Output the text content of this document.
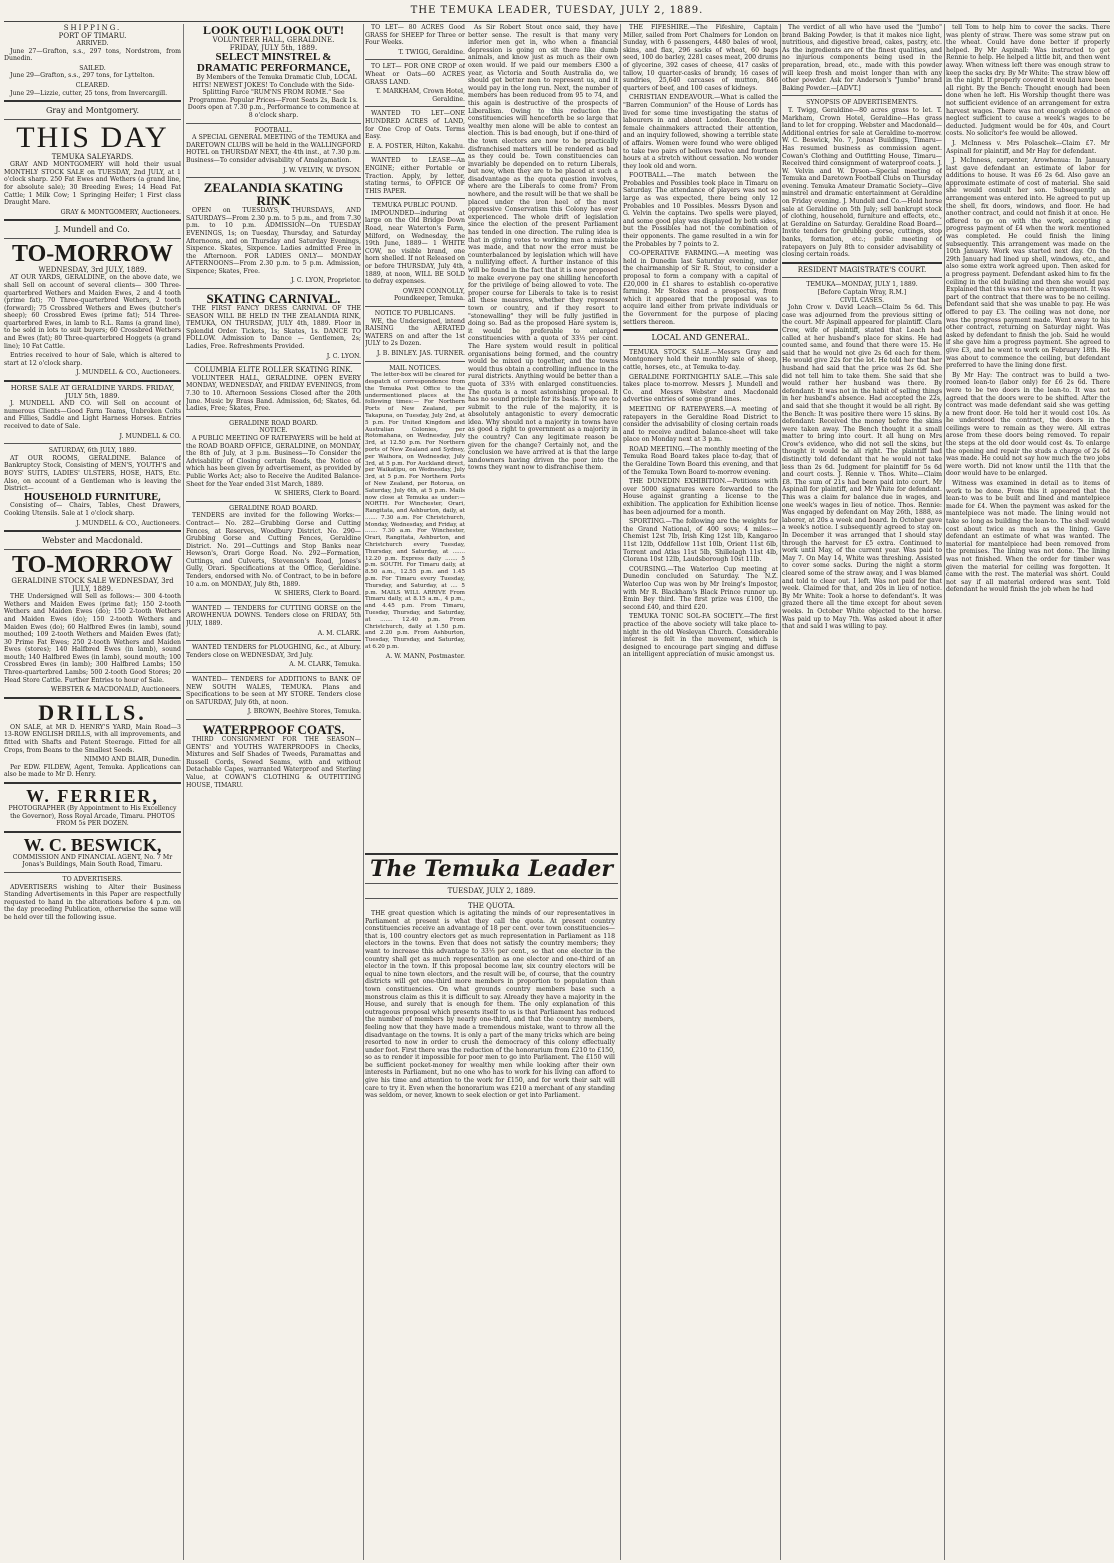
THE TEMUKA LEADER, TUESDAY, JULY 2, 1889.
SHIPPING.
PORT OF TIMARU.
ARRIVED.
June 27—Grafton, s.s., 297 tons, Nordstrom, from Dunedin.
SAILED.
June 29—Grafton, s.s., 297 tons, for Lyttelton.
CLEARED.
June 29—Lizzie, cutter, 25 tons, from Invercargill.
Gray and Montgomery.
THIS DAY
TEMUKA SALEYARDS.
GRAY AND MONTGOMERY will hold their usual MONTHLY STOCK SALE on TUESDAY, 2nd JULY, at 1 o'clock sharp. 250 Fat Ewes and Wethers (a grand line, for absolute sale); 30 Breeding Ewes; 14 Head Fat Cattle; 1 Milk Cow; 1 Springing Heifer; 1 First class Draught Mare.
GRAY & MONTGOMERY, Auctioneers.
J. Mundell and Co.
TO-MORROW
WEDNESDAY, 3rd JULY, 1889.
AT OUR YARDS, GERALDINE, on the above date, we shall Sell on account of several clients— 300 Three-quarterbred Wethers and Maiden Ewes, 2 and 4 tooth (prime fat); 70 Three-quarterbred Wethers, 2 tooth (forward); 75 Crossbred Wethers and Ewes (butcher's sheep); 60 Crossbred Ewes (prime fat); 514 Three-quarterbred Ewes, in lamb to R.L. Rams (a grand line), to be sold in lots to suit buyers; 60 Crossbred Wethers and Ewes (fat); 80 Three-quarterbred Hoggets (a grand line); 10 Fat Cattle.
Entries received to hour of Sale, which is altered to start at 12 o'clock sharp.
J. MUNDELL & CO., Auctioneers.
HORSE SALE AT GERALDINE YARDS. FRIDAY, JULY 5th, 1889.
J. MUNDELL AND CO. will Sell on account of numerous Clients—Good Farm Teams, Unbroken Colts and Fillies, Saddle and Light Harness Horses. Entries received to date of Sale.
J. MUNDELL & CO.
SATURDAY, 6th JULY, 1889.
AT OUR ROOMS, GERALDINE. Balance of Bankruptcy Stock, Consisting of MEN'S, YOUTH'S and BOYS' SUITS, LADIES' ULSTERS, HOSE, HATS, Etc. Also, on account of a Gentleman who is leaving the District—
HOUSEHOLD FURNITURE,
Consisting of— Chairs, Tables, Chest Drawers, Cooking Utensils. Sale at 1 o'clock sharp.
J. MUNDELL & CO., Auctioneers.
Webster and Macdonald.
TO-MORROW
GERALDINE STOCK SALE WEDNESDAY, 3rd JULY, 1889.
THE Undersigned will Sell as follows:— 300 4-tooth Wethers and Maiden Ewes (prime fat); 150 2-tooth Wethers and Maiden Ewes (do); 150 2-tooth Wethers and Maiden Ewes (do); 150 2-tooth Wethers and Maiden Ewes (do); 60 Halfbred Ewes (in lamb), sound mouthed; 109 2-tooth Wethers and Maiden Ewes (fat); 30 Prime Fat Ewes; 250 2-tooth Wethers and Maiden Ewes (stores); 140 Halfbred Ewes (in lamb), sound mouth; 140 Halfbred Ewes (in lamb), sound mouth; 100 Crossbred Ewes (in lamb); 300 Halfbred Lambs; 150 Three-quarterbred Lambs; 500 2-tooth Good Stores; 20 Head Store Cattle. Further Entries to hour of Sale.
WEBSTER & MACDONALD, Auctioneers.
DRILLS.
ON SALE, at MR D. HENRY'S YARD, Main Road—3 13-ROW ENGLISH DRILLS, with all improvements, and fitted with Shafts and Patent Steerage. Fitted for all Crops, from Beans to the Smallest Seeds.
NIMMO AND BLAIR, Dunedin.
Per EDW. FILDEW, Agent, Temuka. Applications can also be made to Mr D. Henry.
W. FERRIER,
PHOTOGRAPHER (By Appointment to His Excellency the Governor), Ross Royal Arcade, Timaru. PHOTOS FROM 5s PER DOZEN.
W. C. BESWICK,
COMMISSION AND FINANCIAL AGENT, No. 7 Mr Jonas's Buildings, Main South Road, Timaru.
TO ADVERTISERS.
ADVERTISERS wishing to Alter their Business Standing Advertisements in this Paper are respectfully requested to hand in the alterations before 4 p.m. on the day preceding Publication, otherwise the same will be held over till the following issue.
LOOK OUT! LOOK OUT!
VOLUNTEER HALL, GERALDINE.
FRIDAY, JULY 5th, 1889.
SELECT MINSTREL & DRAMATIC PERFORMANCE,
By Members of the Temuka Dramatic Club, LOCAL HITS! NEWEST JOKES! To Conclude with the Side-Splitting Farce "RUM'NS FROM ROME." See Programme. Popular Prices—Front Seats 2s, Back 1s. Doors open at 7.30 p.m., Performance to commence at 8 o'clock sharp.
FOOTBALL.
A SPECIAL GENERAL MEETING of the TEMUKA and DARETOWN CLUBS will be held in the WALLINGFORD HOTEL on THURSDAY NEXT, the 4th inst., at 7.30 p.m. Business—To consider advisability of Amalgamation.
J. W. VELVIN, W. DYSON.
ZEALANDIA SKATING RINK
OPEN on TUESDAYS, THURSDAYS, AND SATURDAYS—From 2.30 p.m. to 5 p.m., and from 7.30 p.m. to 10 p.m. ADMISSION—On TUESDAY EVENINGS, 1s; on Tuesday, Thursday, and Saturday Afternoons, and on Thursday and Saturday Evenings, Sixpence. Skates, Sixpence. Ladies admitted Free in the Afternoon. FOR LADIES ONLY— MONDAY AFTERNOONS—From 2.30 p.m. to 5 p.m. Admission, Sixpence; Skates, Free.
J. C. LYON, Proprietor.
SKATING CARNIVAL.
THE FIRST FANCY DRESS CARNIVAL OF THE SEASON WILL BE HELD IN THE ZEALANDIA RINK, TEMUKA, ON THURSDAY, JULY 4th, 1889. Floor in Splendid Order. Tickets, 1s; Skates, 1s. DANCE TO FOLLOW. Admission to Dance — Gentlemen, 2s; Ladies, Free. Refreshments Provided.
J. C. LYON.
COLUMBIA ELITE ROLLER SKATING RINK.
VOLUNTEER HALL, GERALDINE. OPEN EVERY MONDAY, WEDNESDAY, and FRIDAY EVENINGS, from 7.30 to 10. Afternoon Sessions Closed after the 20th June. Music by Brass Band. Admission, 6d; Skates, 6d. Ladies, Free; Skates, Free.
GERALDINE ROAD BOARD.
NOTICE.
A PUBLIC MEETING OF RATEPAYERS will be held at the ROAD BOARD OFFICE, GERALDINE, on MONDAY, the 8th of July, at 3 p.m. Business—To Consider the Advisability of Closing certain Roads, the Notice of which has been given by advertisement, as provided by Public Works Act; also to Receive the Audited Balance-Sheet for the Year ended 31st March, 1889.
W. SHIERS, Clerk to Board.
GERALDINE ROAD BOARD.
TENDERS are invited for the following Works:— Contract— No. 282—Grubbing Gorse and Cutting Fences, at Reserves, Woodbury District. No. 290—Grubbing Gorse and Cutting Fences, Geraldine District. No. 291—Cuttings and Stop Banks near Hewson's, Orari Gorge Road. No. 292—Formation, Cuttings, and Culverts, Stevenson's Road, Jones's Gully, Orari. Specifications at the Office, Geraldine. Tenders, endorsed with No. of Contract, to be in before 10 a.m. on MONDAY, July 8th, 1889.
W. SHIERS, Clerk to Board.
WANTED — TENDERS for CUTTING GORSE on the AROWHENUA DOWNS. Tenders close on FRIDAY, 5th JULY, 1889.
A. M. CLARK.
WANTED TENDERS for PLOUGHING, &c., at Albury. Tenders close on WEDNESDAY, 3rd July.
A. M. CLARK, Temuka.
WANTED— TENDERS for ADDITIONS to BANK OF NEW SOUTH WALES, TEMUKA. Plans and Specifications to be seen at MY STORE. Tenders close on SATURDAY, July 6th, at noon.
J. BROWN, Beehive Stores, Temuka.
WATERPROOF COATS.
THIRD CONSIGNMENT FOR THE SEASON—GENTS' and YOUTHS WATERPROOFS in Checks, Mixtures and Self Shades of Tweeds, Paramattas and Russell Cords, Sewed Seams, with and without Detachable Capes, warranted Waterproof and Sterling Value, at COWAN'S CLOTHING & OUTFITTING HOUSE, TIMARU.
TO LET— 80 ACRES Good GRASS for SHEEP for Three or Four Weeks.
T. TWIGG, Geraldine.
TO LET— FOR ONE CROP of Wheat or Oats—60 ACRES GRASS LAND.
T. MARKHAM, Crown Hotel, Geraldine.
WANTED TO LET—ONE HUNDRED ACRES of LAND, for One Crop of Oats. Terms Easy.
E. A. FOSTER, Hilton, Kakahu.
WANTED to LEASE—An ENGINE; either Portable or Traction. Apply, by letter, stating terms, to OFFICE OF THIS PAPER.
TEMUKA PUBLIC POUND.
IMPOUNDED—induring at large on the Old Bridge Down Road, near Waterton's Farm, Milford, on Wednesday, the 19th June, 1889— 1 WHITE COW, no visible brand, one horn shelled. If not Released on or before THURSDAY, July 4th, 1889, at noon, WILL BE SOLD to defray expenses.
OWEN CONNOLLY, Poundkeeper, Temuka.
NOTICE TO PUBLICANS.
WE, the Undersigned, intend RAISING the AERATED WATERS on and after the 1st JULY to 2s Dozen.
J. B. BINLEY. JAS. TURNER.
MAIL NOTICES.
The letter-box will be cleared for despatch of correspondence from the Temuka Post Office to the undermentioned places at the following times:— For Northern Ports of New Zealand, per Takapuna, on Tuesday, July 2nd, at 5 p.m. For United Kingdom and Australian Colonies, per Rotomahana, on Wednesday, July 3rd, at 12.50 p.m. For Northern ports of New Zealand and Sydney, per Waihora, on Wednesday, July 3rd, at 5 p.m. For Auckland direct, per Waikatipu, on Wednesday, July 3rd, at 5 p.m. For Northern Ports of New Zealand, per Rotorua, on Saturday, July 6th, at 5 p.m. Mails now close at Temuka as under:— NORTH. For Winchester, Orari, Rangitata, and Ashburton, daily, at ....... 7.30 a.m. For Christchurch, Monday, Wednesday, and Friday, at ....... 7.30 a.m. For Winchester, Orari, Rangitata, Ashburton, and Christchurch every Tuesday, Thursday, and Saturday, at ....... 12.20 p.m. Express daily ....... 5 p.m. SOUTH. For Timaru daily, at 8.50 a.m., 12.55 p.m. and 1.45 p.m. For Timaru every Tuesday, Thursday, and Saturday, at .... 5 p.m. MAILS WILL ARRIVE From Timaru daily, at 8.15 a.m., 4 p.m., and 4.45 p.m. From Timaru, Tuesday, Thursday, and Saturday, at ....... 12.40 p.m. From Christchurch, daily at 1.50 p.m. and 2.20 p.m. From Ashburton, Tuesday, Thursday, and Saturday, at 6.20 p.m.
A. W. MANN, Postmaster.
As Sir Robert Stout once said, they have better sense. The result is that many very inferior men get in, who when a financial depression is going on sit there like dumb animals, and know just as much as their own oxen would. If we paid our members £300 a year, as Victoria and South Australia do, we should get better men to represent us, and it would pay in the long run. Next, the number of members has been reduced from 95 to 74, and this again is destructive of the prospects of Liberalism. Owing to this reduction the constituencies will henceforth be so large that wealthy men alone will be able to contest an election. This is bad enough, but if one-third of the town electors are now to be practically disfranchised matters will be rendered as bad as they could be. Town constituencies can invariably be depended on to return Liberals, but now, when they are to be placed at such a disadvantage as the quota question involves, where are the Liberals to come from? From nowhere, and the result will be that we shall be placed under the iron heel of the most oppressive Conservatism this Colony has ever experienced. The whole drift of legislation since the election of the present Parliament has tended in one direction. The ruling idea is that in giving votes to working men a mistake was made, and that now the error must be counterbalanced by legislation which will have a nullifying effect. A further instance of this will be found in the fact that it is now proposed to make everyone pay one shilling henceforth for the privilege of being allowed to vote. The proper course for Liberals to take is to resist all these measures, whether they represent town or country, and if they resort to "stonewalling" they will be fully justified in doing so. Bad as the proposed Hare system is, it would be preferable to enlarged constituencies with a quota of 33⅓ per cent. The Hare system would result in political organisations being formed, and the country would be mixed up together, and the towns would thus obtain a controlling influence in the rural districts. Anything would be better than a quota of 33⅓ with enlarged constituencies. The quota is a most astonishing proposal. It has no sound principle for its basis. If we are to submit to the rule of the majority, it is absolutely antagonistic to every democratic idea. Why should not a majority in towns have as good a right to government as a majority in the country? Can any legitimate reason be given for the change? Certainly not, and the conclusion we have arrived at is that the large landowners having driven the poor into the towns they want now to disfranchise them.
The Temuka Leader
TUESDAY, JULY 2, 1889.
THE QUOTA.
THE great question which is agitating the minds of our representatives in Parliament at present is what they call the quota. At present country constituencies receive an advantage of 18 per cent. over town constituencies—that is, 100 country electors get as much representation in Parliament as 118 electors in the towns. Even that does not satisfy the country members; they want to increase this advantage to 33⅓ per cent., so that one elector in the country shall get as much representation as one elector and one-third of an elector in the town. If this proposal become law, six country electors will be equal to nine town electors, and the result will be, of course, that the country districts will get one-third more members in proportion to population than town constituencies. On what grounds country members base such a monstrous claim as this it is difficult to say. Already they have a majority in the House, and surely that is enough for them. The only explanation of this outrageous proposal which presents itself to us is that Parliament has reduced the number of members by nearly one-third, and that the country members, feeling now that they have made a tremendous mistake, want to throw all the disadvantage on the towns. It is only a part of the many tricks which are being resorted to now in order to crush the democracy of this colony effectually under foot. First there was the reduction of the honorarium from £210 to £150, so as to render it impossible for poor men to go into Parliament. The £150 will be sufficient pocket-money for wealthy men while looking after their own interests in Parliament, but no one who has to work for his living can afford to give his time and attention to the work for £150, and for work their salt will care to try it. Even when the honorarium was £210 a merchant of any standing was seldom, or never, known to seek election or get into Parliament.
THE FIFESHIRE.—The Fifeshire, Captain Miller, sailed from Port Chalmers for London on Sunday, with 6 passengers, 4480 bales of wool, skins, and flax, 296 sacks of wheat, 60 bags seed, 100 do barley, 2281 cases meat, 200 drums of glycerine, 392 cases of cheese, 417 casks of tallow, 10 quarter-casks of brandy, 16 cases of sundries, 25,640 carcases of mutton, 846 quarters of beef, and 100 cases of kidneys.
CHRISTIAN ENDEAVOUR.—What is called the "Barren Communion" of the House of Lords has lived for some time investigating the status of labourers in and about London. Recently the female chainmakers attracted their attention, and an inquiry followed, showing a terrible state of affairs. Women were found who were obliged to take two pairs of bellows twelve and fourteen hours at a stretch without cessation. No wonder they look old and worn.
FOOTBALL.—The match between the Probables and Possibles took place in Timaru on Saturday. The attendance of players was not so large as was expected, there being only 12 Probables and 10 Possibles. Messrs Dyson and G. Velvin the captains. Two spells were played, and some good play was displayed by both sides, but the Possibles had not the combination of their opponents. The game resulted in a win for the Probables by 7 points to 2.
CO-OPERATIVE FARMING.—A meeting was held in Dunedin last Saturday evening, under the chairmanship of Sir R. Stout, to consider a proposal to form a company with a capital of £20,000 in £1 shares to establish co-operative farming. Mr Stokes read a prospectus, from which it appeared that the proposal was to acquire land either from private individuals or the Government for the purpose of placing settlers thereon.
LOCAL AND GENERAL.
TEMUKA STOCK SALE.—Messrs Gray and Montgomery hold their monthly sale of sheep, cattle, horses, etc., at Temuka to-day.
GERALDINE FORTNIGHTLY SALE.—This sale takes place to-morrow. Messrs J. Mundell and Co. and Messrs Webster and Macdonald advertise entries of some grand lines.
MEETING OF RATEPAYERS.—A meeting of ratepayers in the Geraldine Road District to consider the advisability of closing certain roads and to receive audited balance-sheet will take place on Monday next at 3 p.m.
ROAD MEETING.—The monthly meeting of the Temuka Road Board takes place to-day, that of the Geraldine Town Board this evening, and that of the Temuka Town Board to-morrow evening.
THE DUNEDIN EXHIBITION.—Petitions with over 5000 signatures were forwarded to the House against granting a license to the exhibition. The application for Exhibition license has been adjourned for a month.
SPORTING.—The following are the weights for the Grand National, of 400 sovs; 4 miles:—Chemist 12st 7lb, Irish King 12st 1lb, Kangaroo 11st 12lb, Oddfellow 11st 10lb, Orient 11st 6lb, Torrent and Atlas 11st 5lb, Shillelagh 11st 4lb, Clorana 10st 12lb, Laudsborough 10st 11lb.
COURSING.—The Waterloo Cup meeting at Dunedin concluded on Saturday. The N.Z. Waterloo Cup was won by Mr Ireing's Impostor, with Mr R. Blackham's Black Prince runner up. Emin Bey third. The first prize was £100, the second £40, and third £20.
TEMUKA TONIC SOL-FA SOCIETY.—The first practice of the above society will take place to-night in the old Wesleyan Church. Considerable interest is felt in the movement, which is designed to encourage part singing and diffuse an intelligent appreciation of music amongst us.
The verdict of all who have used the "Jumbo" brand Baking Powder, is that it makes nice light, nutritious, and digestive bread, cakes, pastry, etc. As the ingredients are of the finest qualities, and no injurious components being used in the preparation, bread, etc., made with this powder will keep fresh and moist longer than with any other powder. Ask for Anderson's "Jumbo" brand Baking Powder.—[ADVT.]
SYNOPSIS OF ADVERTISEMENTS.
T. Twigg, Geraldine—80 acres grass to let. T. Markham, Crown Hotel, Geraldine—Has grass land to let for cropping. Webster and Macdonald—Additional entries for sale at Geraldine to-morrow. W. C. Beswick, No. 7, Jonas' Buildings, Timaru—Has resumed business as commission agent. Cowan's Clothing and Outfitting House, Timaru—Received third consignment of waterproof coats. J. W. Velvin and W. Dyson—Special meeting of Temuka and Daretown Football Clubs on Thursday evening. Temuka Amateur Dramatic Society—Give minstrel and dramatic entertainment at Geraldine on Friday evening. J. Mundell and Co.—Hold horse sale at Geraldine on 5th July; sell bankrupt stock of clothing, household, furniture and effects, etc., at Geraldine on Saturday. Geraldine Road Board—Invite tenders for grubbing gorse, cuttings, stop banks, formation, etc.; public meeting of ratepayers on July 8th to consider advisability of closing certain roads.
RESIDENT MAGISTRATE'S COURT.
TEMUKA—MONDAY, JULY 1, 1889.
[Before Captain Wray, R.M.]
CIVIL CASES.
John Crow v. David Leach—Claim 5s 6d. This case was adjourned from the previous sitting of the court. Mr Aspinall appeared for plaintiff. Clara Crow, wife of plaintiff, stated that Leach had called at her husband's place for skins. He had counted same, and found that there were 15. He said that he would not give 2s 6d each for them. He would give 22s for the lot. He told her that her husband had said that the price was 2s 6d. She did not tell him to take them. She said that she would rather her husband was there. By defendant: It was not in the habit of selling things in her husband's absence. Had accepted the 22s, and said that she thought it would be all right. By the Bench: It was positive there were 15 skins. By defendant: Received the money before the skins were taken away. The Bench thought it a small matter to bring into court. It all hung on Mrs Crow's evidence, who did not sell the skins, but thought it would be all right. The plaintiff had distinctly told defendant that he would not take less than 2s 6d. Judgment for plaintiff for 5s 6d and court costs. J. Rennie v. Thos. White—Claim £8. The sum of 21s had been paid into court. Mr Aspinall for plaintiff, and Mr White for defendant. This was a claim for balance due in wages, and one week's wages in lieu of notice. Thos. Rennie: Was engaged by defendant on May 26th, 1888, as laborer, at 20s a week and board. In October gave a week's notice. I subsequently agreed to stay on. In December it was arranged that I should stay through the harvest for £5 extra. Continued to work until May, of the current year. Was paid to May 7. On May 14, White was threshing. Assisted to cover some sacks. During the night a storm cleared some of the straw away, and I was blamed and told to clear out. I left. Was not paid for that week. Claimed for that, and 20s in lieu of notice. By Mr White: Took a horse to defendant's. It was grazed there all the time except for about seven weeks. In October White objected to the horse. Was paid up to May 7th. Was asked about it after that and said I was willing to pay.
tell Tom to help him to cover the sacks. There was plenty of straw. There was some straw put on the wheat. Could have done better if properly helped. By Mr Aspinall: Was instructed to get Rennie to help. He helped a little bit, and then went away. When witness left there was enough straw to keep the sacks dry. By Mr White: The straw blew off in the night. If properly covered it would have been all right. By the Bench: Thought enough had been done when he left. His Worship thought there was not sufficient evidence of an arrangement for extra harvest wages. There was not enough evidence of neglect sufficient to cause a week's wages to be deducted. Judgment would be for 40s, and Court costs. No solicitor's fee would be allowed.
J. McInness v. Mrs Polaschek—Claim £7. Mr Aspinall for plaintiff, and Mr Hay for defendant.
J. McInness, carpenter, Arowhenua: In January last gave defendant an estimate of labor for additions to house. It was £6 2s 6d. Also gave an approximate estimate of cost of material. She said she would consult her son. Subsequently an arrangement was entered into. He agreed to put up the shell, fix doors, windows, and floor. He had another contract, and could not finish it at once. He offered to go on with the work, accepting a progress payment of £4 when the work mentioned was completed. He could finish the lining subsequently. This arrangement was made on the 10th January. Work was started next day. On the 29th January had lined up shell, windows, etc., and also some extra work agreed upon. Then asked for a progress payment. Defendant asked him to fix the ceiling in the old building and then she would pay. Explained that this was not the arrangement. It was part of the contract that there was to be no ceiling. Defendant said that she was unable to pay. He was offered to pay £3. The ceiling was not done, nor was the progress payment made. Went away to his other contract, returning on Saturday night. Was asked by defendant to finish the job. Said he would if she gave him a progress payment. She agreed to give £3, and he went to work on February 18th. He was about to commence the ceiling, but defendant preferred to have the lining done first.
By Mr Hay: The contract was to build a two-roomed lean-to (labor only) for £6 2s 6d. There were to be two doors in the lean-to. It was not agreed that the doors were to be shifted. After the contract was made defendant said she was getting a new front door. He told her it would cost 10s. As he understood the contract, the doors in the ceilings were to remain as they were. All extras arose from these doors being removed. To repair the steps at the old door would cost 4s. To enlarge the opening and repair the studs a charge of 2s 6d was made. He could not say how much the two jobs were worth. Did not know until the 11th that the door would have to be enlarged.
Witness was examined in detail as to items of work to be done. From this it appeared that the lean-to was to be built and lined and mantelpiece made for £4. When the payment was asked for the mantelpiece was not made. The lining would not take so long as building the lean-to. The shell would cost about twice as much as the lining. Gave defendant an estimate of what was wanted. The material for mantelpiece had been removed from the premises. The lining was not done. The lining was not finished. When the order for timber was given the material for ceiling was forgotten. It came with the rest. The material was short. Could not say if all material ordered was sent. Told defendant he would finish the job when he had
